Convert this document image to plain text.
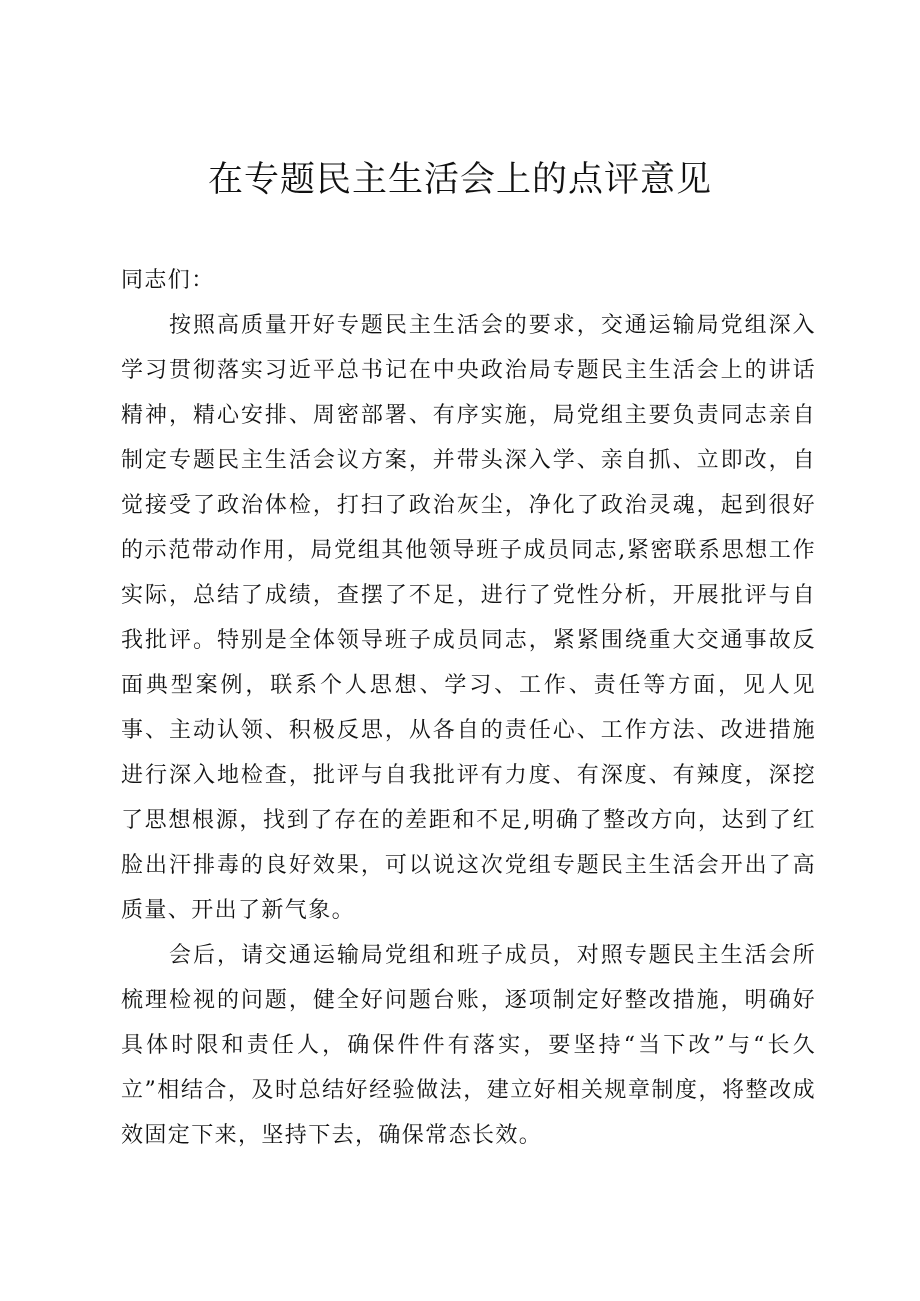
在专题民主生活会上的点评意见

同志们：

按照高质量开好专题民主生活会的要求，交通运输局党组深入学习贯彻落实习近平总书记在中央政治局专题民主生活会上的讲话精神，精心安排、周密部署、有序实施，局党组主要负责同志亲自制定专题民主生活会议方案，并带头深入学、亲自抓、立即改，自觉接受了政治体检，打扫了政治灰尘，净化了政治灵魂，起到很好的示范带动作用，局党组其他领导班子成员同志,紧密联系思想工作实际，总结了成绩，查摆了不足，进行了党性分析，开展批评与自我批评。特别是全体领导班子成员同志，紧紧围绕重大交通事故反面典型案例，联系个人思想、学习、工作、责任等方面，见人见事、主动认领、积极反思，从各自的责任心、工作方法、改进措施进行深入地检查，批评与自我批评有力度、有深度、有辣度，深挖了思想根源，找到了存在的差距和不足,明确了整改方向，达到了红脸出汗排毒的良好效果，可以说这次党组专题民主生活会开出了高质量、开出了新气象。

会后，请交通运输局党组和班子成员，对照专题民主生活会所梳理检视的问题，健全好问题台账，逐项制定好整改措施，明确好具体时限和责任人，确保件件有落实，要坚持“当下改”与“长久立”相结合，及时总结好经验做法，建立好相关规章制度，将整改成效固定下来，坚持下去，确保常态长效。
